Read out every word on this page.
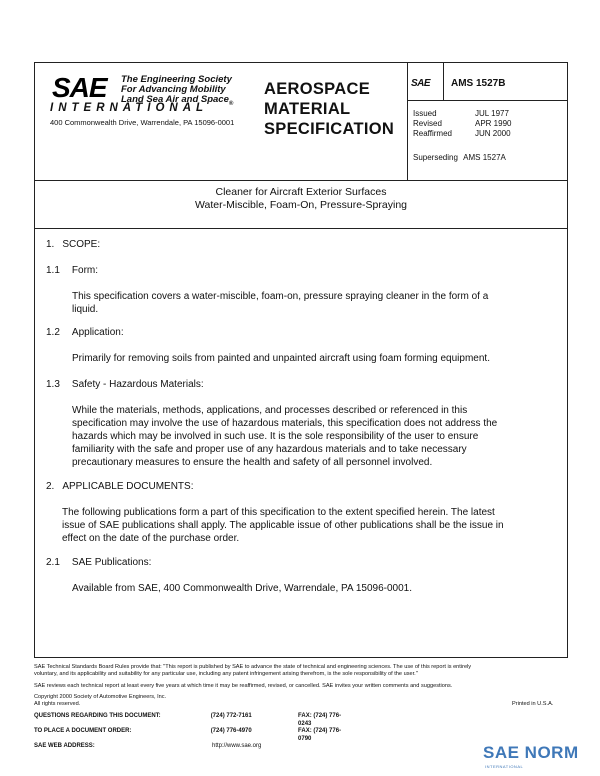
SAE The Engineering Society
For Advancing Mobility
Land Sea Air and Space$_®$
INTERNATIONAL
400 Commonwealth Drive, Warrendale, PA 15096-0001
AEROSPACE
MATERIAL
SPECIFICATION
SAE AMS 1527B
Issued	JUL 1977
Revised	APR 1990
Reaffirmed	JUN 2000
Superseding AMS 1527A
Cleaner for Aircraft Exterior Surfaces
Water-Miscible, Foam-On, Pressure-Spraying
1. SCOPE:
1.1 Form:
This specification covers a water-miscible, foam-on, pressure spraying cleaner in the form of a
liquid.
1.2 Application:
Primarily for removing soils from painted and unpainted aircraft using foam forming equipment.
1.3 Safety - Hazardous Materials:
While the materials, methods, applications, and processes described or referenced in this
specification may involve the use of hazardous materials, this specification does not address the
hazards which may be involved in such use. It is the sole responsibility of the user to ensure
familiarity with the safe and proper use of any hazardous materials and to take necessary
precautionary measures to ensure the health and safety of all personnel involved.
2. APPLICABLE DOCUMENTS:
The following publications form a part of this specification to the extent specified herein. The latest
issue of SAE publications shall apply. The applicable issue of other publications shall be the issue in
effect on the date of the purchase order.
2.1 SAE Publications:
Available from SAE, 400 Commonwealth Drive, Warrendale, PA 15096-0001.
SAE Technical Standards Board Rules provide that: "This report is published by SAE to advance the state of technical and engineering sciences. The use of this report is entirely
voluntary, and its applicability and suitability for any particular use, including any patent infringement arising therefrom, is the sole responsibility of the user."
SAE reviews each technical report at least every five years at which time it may be reaffirmed, revised, or cancelled. SAE invites your written comments and suggestions.
Copyright 2000 Society of Automotive Engineers, Inc.
All rights reserved.	Printed in U.S.A.
QUESTIONS REGARDING THIS DOCUMENT:	(724) 772-7161	FAX: (724) 776-0243
TO PLACE A DOCUMENT ORDER:	(724) 776-4970	FAX: (724) 776-0790
SAE WEB ADDRESS:	http://www.sae.org	SAE NORM
INTERNATIONAL
